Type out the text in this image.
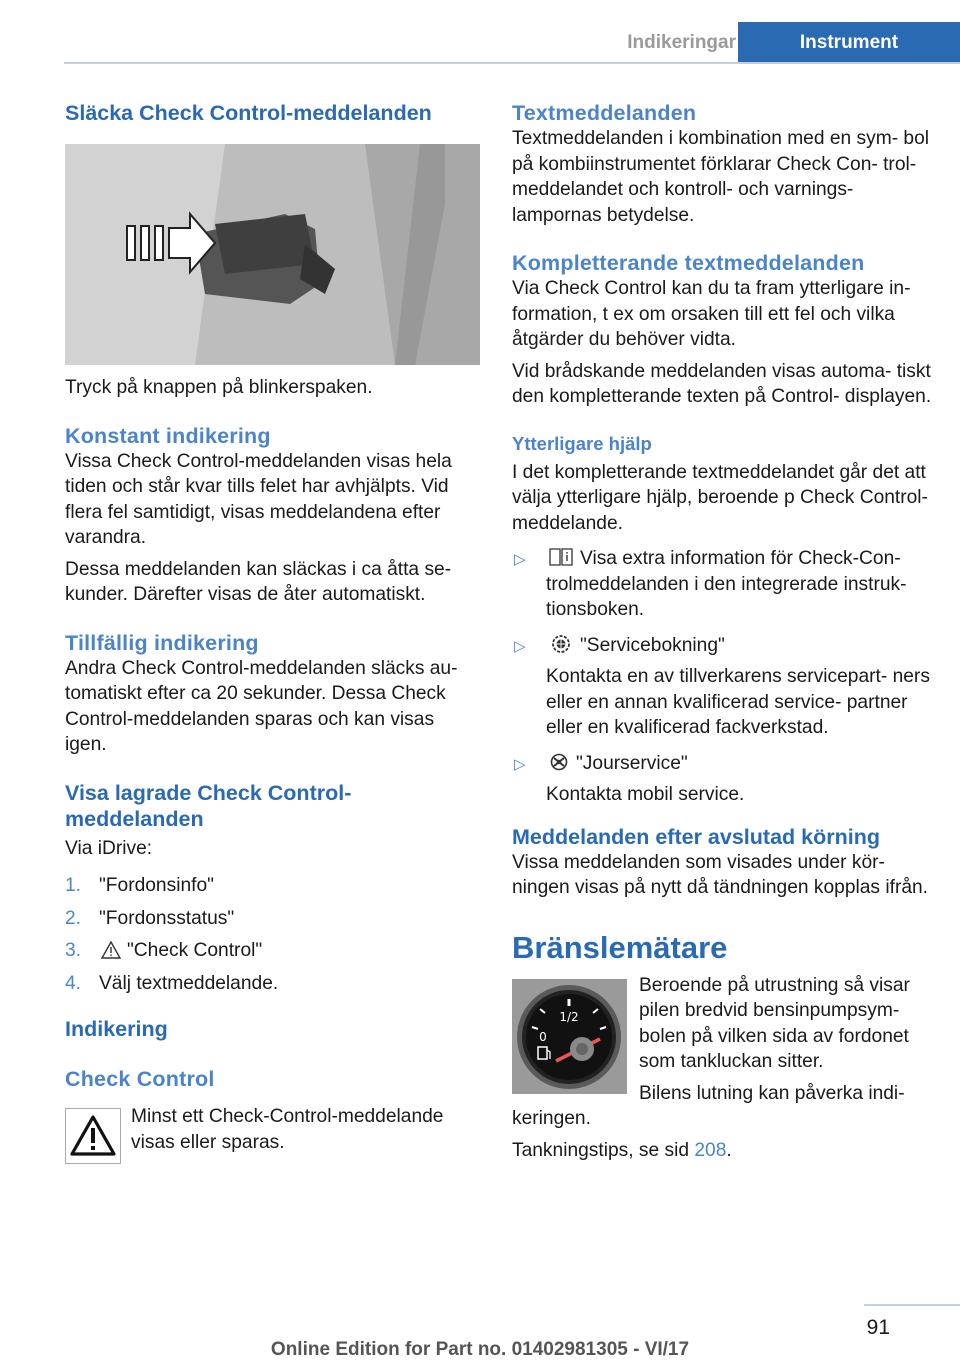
Indikeringar	Instrument
Släcka Check Control-meddelanden

Tryck på knappen på blinkerspaken.

Konstant indikering

Vissa Check Control-meddelanden visas hela tiden och står kvar tills felet har avhjälpts. Vid flera fel samtidigt, visas meddelandena efter varandra.

Dessa meddelanden kan släckas i ca åtta se‐ kunder. Därefter visas de åter automatiskt.

Tillfällig indikering

Andra Check Control-meddelanden släcks au‐ tomatiskt efter ca 20 sekunder. Dessa Check Control-meddelanden sparas och kan visas igen.

Visa lagrade Check Control- meddelanden

Via iDrive:

1. "Fordonsinfo"
2. "Fordonsstatus"
3. "Check Control"
4. Välj textmeddelande.
Indikering
Check Control

Minst ett Check-Control-meddelande visas eller sparas.

Textmeddelanden

Textmeddelanden i kombination med en sym‐ bol på kombiinstrumentet förklarar Check Con‐ trol-meddelandet och kontroll- och varnings‐ lampornas betydelse.

Kompletterande textmeddelanden

Via Check Control kan du ta fram ytterligare in‐ formation, t ex om orsaken till ett fel och vilka åtgärder du behöver vidta.

Vid brådskande meddelanden visas automa‐ tiskt den kompletterande texten på Control- displayen.

Ytterligare hjälp

I det kompletterande textmeddelandet går det att välja ytterligare hjälp, beroende p Check Control-meddelande.

▷	Visa extra information för Check-Con‐ trolmeddelanden i den integrerade instruk‐ tionsboken.

▷	"Servicebokning"

Kontakta en av tillverkarens servicepart‐ ners eller en annan kvalificerad service‐ partner eller en kvalificerad fackverkstad.

▷	"Jourservice"

Kontakta mobil service.

Meddelanden efter avslutad körning

Vissa meddelanden som visades under kör‐ ningen visas på nytt då tändningen kopplas ifrån.

Bränslemätare
1/2
0

Beroende på utrustning så visar pilen bredvid bensinpumpsym‐ bolen på vilken sida av fordonet som tankluckan sitter.

Bilens lutning kan påverka indi‐ keringen.

Tankningstips, se sid 208.

91
Online Edition for Part no. 01402981305 - VI/17
